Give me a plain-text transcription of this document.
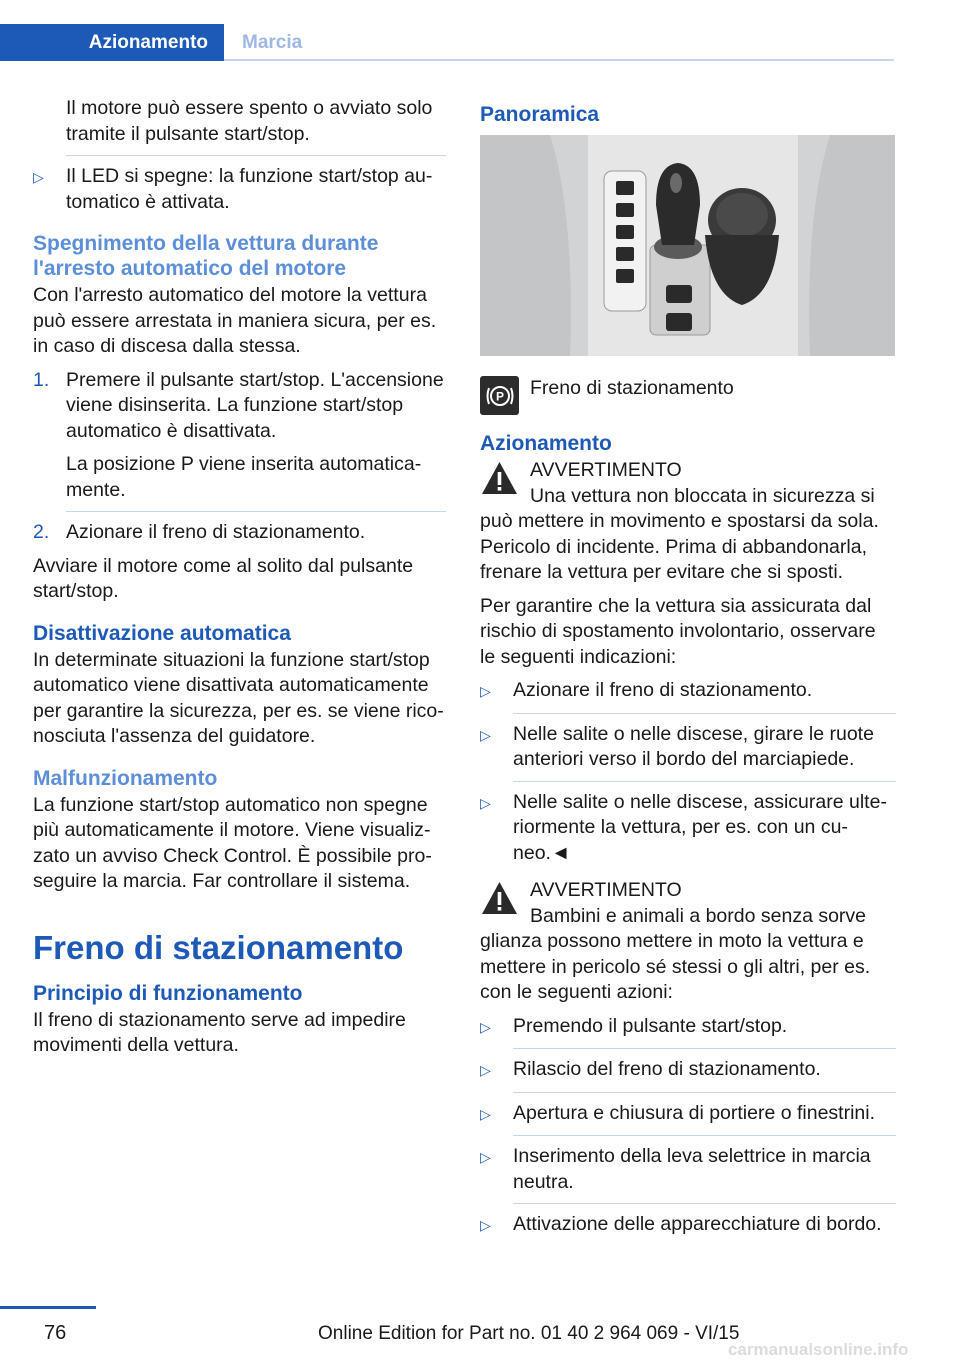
Azionamento	Marcia

Il motore può essere spento o avviato solo tramite il pulsante start/stop.

▷	Il LED si spegne: la funzione start/stop automatico è attivata.
Spegnimento della vettura durante l'arresto automatico del motore

Con l'arresto automatico del motore la vettura può essere arrestata in maniera sicura, per es. in caso di discesa dalla stessa.

1. Premere il pulsante start/stop. L'accensione viene disinserita. La funzione start/stop automatico è disattivata.

La posizione P viene inserita automaticamente.

2. Azionare il freno di stazionamento.

Avviare il motore come al solito dal pulsante start/stop.

Disattivazione automatica

In determinate situazioni la funzione start/stop automatico viene disattivata automaticamente per garantire la sicurezza, per es. se viene riconosciuta l'assenza del guidatore.

Malfunzionamento

La funzione start/stop automatico non spegne più automaticamente il motore. Viene visualizzato un avviso Check Control. È possibile proseguire la marcia. Far controllare il sistema.

Freno di stazionamento
Principio di funzionamento

Il freno di stazionamento serve ad impedire movimenti della vettura.

Panoramica
P Freno di stazionamento
Azionamento
AVVERTIMENTO
Una vettura non bloccata in sicurezza si

può mettere in movimento e spostarsi da sola. Pericolo di incidente. Prima di abbandonarla, frenare la vettura per evitare che si sposti.

Per garantire che la vettura sia assicurata dal rischio di spostamento involontario, osservare le seguenti indicazioni:

▷	Azionare il freno di stazionamento.
▷	Nelle salite o nelle discese, girare le ruote anteriori verso il bordo del marciapiede.
▷	Nelle salite o nelle discese, assicurare ulteriormente la vettura, per es. con un cuneo.◄
AVVERTIMENTO
Bambini e animali a bordo senza sorve

glianza possono mettere in moto la vettura e mettere in pericolo sé stessi o gli altri, per es. con le seguenti azioni:

▷	Premendo il pulsante start/stop.
▷	Rilascio del freno di stazionamento.
▷	Apertura e chiusura di portiere o finestrini.
▷	Inserimento della leva selettrice in marcia neutra.
▷	Attivazione delle apparecchiature di bordo.
76	Online Edition for Part no. 01 40 2 964 069 - VI/15
carmanualsonline.info
